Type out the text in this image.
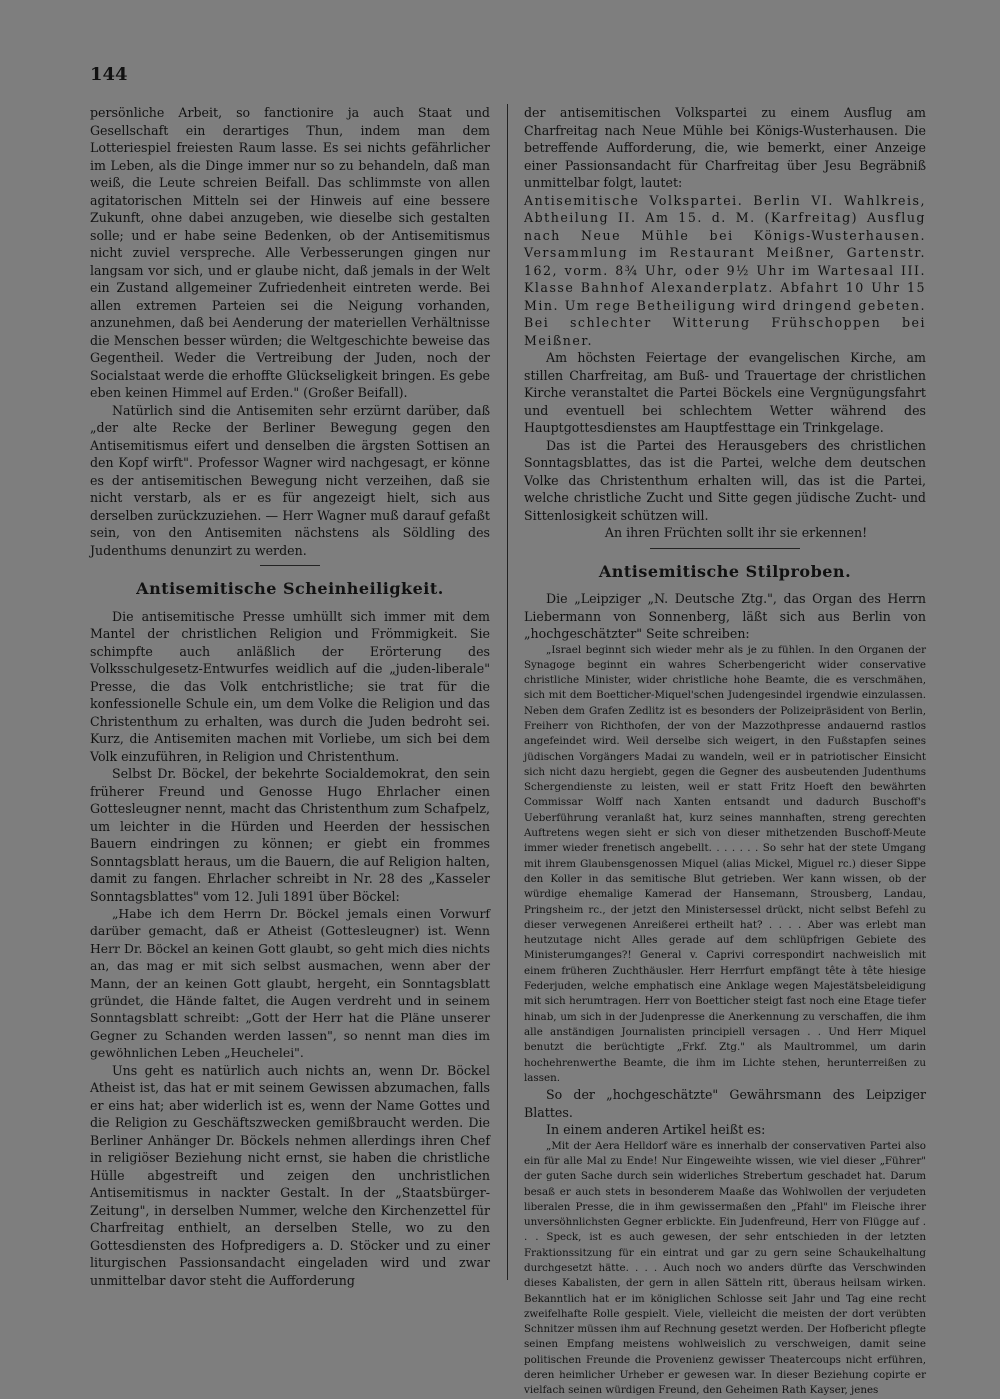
144

persönliche Arbeit, so fanctionire ja auch Staat und Gesellschaft ein derartiges Thun, indem man dem Lotteriespiel freiesten Raum lasse. Es sei nichts gefährlicher im Leben, als die Dinge immer nur so zu behandeln, daß man weiß, die Leute schreien Beifall. Das schlimmste von allen agitatorischen Mitteln sei der Hinweis auf eine bessere Zukunft, ohne dabei anzugeben, wie dieselbe sich gestalten solle; und er habe seine Bedenken, ob der Antisemitismus nicht zuviel verspreche. Alle Verbesserungen gingen nur langsam vor sich, und er glaube nicht, daß jemals in der Welt ein Zustand allgemeiner Zufriedenheit eintreten werde. Bei allen extremen Parteien sei die Neigung vorhanden, anzunehmen, daß bei Aenderung der materiellen Verhältnisse die Menschen besser würden; die Weltgeschichte beweise das Gegentheil. Weder die Vertreibung der Juden, noch der Socialstaat werde die erhoffte Glückseligkeit bringen. Es gebe eben keinen Himmel auf Erden." (Großer Beifall).

Natürlich sind die Antisemiten sehr erzürnt darüber, daß „der alte Recke der Berliner Bewegung gegen den Antisemitismus eifert und denselben die ärgsten Sottisen an den Kopf wirft". Professor Wagner wird nachgesagt, er könne es der antisemitischen Bewegung nicht verzeihen, daß sie nicht verstarb, als er es für angezeigt hielt, sich aus derselben zurückzuziehen. — Herr Wagner muß darauf gefaßt sein, von den Antisemiten nächstens als Söldling des Judenthums denunzirt zu werden.

Antisemitische Scheinheiligkeit.

Die antisemitische Presse umhüllt sich immer mit dem Mantel der christlichen Religion und Frömmigkeit. Sie schimpfte auch anläßlich der Erörterung des Volksschulgesetz-Entwurfes weidlich auf die „juden-liberale" Presse, die das Volk entchristliche; sie trat für die konfessionelle Schule ein, um dem Volke die Religion und das Christenthum zu erhalten, was durch die Juden bedroht sei. Kurz, die Antisemiten machen mit Vorliebe, um sich bei dem Volk einzuführen, in Religion und Christenthum.

Selbst Dr. Böckel, der bekehrte Socialdemokrat, den sein früherer Freund und Genosse Hugo Ehrlacher einen Gottesleugner nennt, macht das Christenthum zum Schafpelz, um leichter in die Hürden und Heerden der hessischen Bauern eindringen zu können; er giebt ein frommes Sonntagsblatt heraus, um die Bauern, die auf Religion halten, damit zu fangen. Ehrlacher schreibt in Nr. 28 des „Kasseler Sonntagsblattes" vom 12. Juli 1891 über Böckel:

„Habe ich dem Herrn Dr. Böckel jemals einen Vorwurf darüber gemacht, daß er Atheist (Gottesleugner) ist. Wenn Herr Dr. Böckel an keinen Gott glaubt, so geht mich dies nichts an, das mag er mit sich selbst ausmachen, wenn aber der Mann, der an keinen Gott glaubt, hergeht, ein Sonntagsblatt gründet, die Hände faltet, die Augen verdreht und in seinem Sonntagsblatt schreibt: „Gott der Herr hat die Pläne unserer Gegner zu Schanden werden lassen", so nennt man dies im gewöhnlichen Leben „Heuchelei".

Uns geht es natürlich auch nichts an, wenn Dr. Böckel Atheist ist, das hat er mit seinem Gewissen abzumachen, falls er eins hat; aber widerlich ist es, wenn der Name Gottes und die Religion zu Geschäftszwecken gemißbraucht werden. Die Berliner Anhänger Dr. Böckels nehmen allerdings ihren Chef in religiöser Beziehung nicht ernst, sie haben die christliche Hülle abgestreift und zeigen den unchristlichen Antisemitismus in nackter Gestalt. In der „Staatsbürger-Zeitung", in derselben Nummer, welche den Kirchenzettel für Charfreitag enthielt, an derselben Stelle, wo zu den Gottesdiensten des Hofpredigers a. D. Stöcker und zu einer liturgischen Passionsandacht eingeladen wird und zwar unmittelbar davor steht die Aufforderung

der antisemitischen Volkspartei zu einem Ausflug am Charfreitag nach Neue Mühle bei Königs-Wusterhausen. Die betreffende Aufforderung, die, wie bemerkt, einer Anzeige einer Passionsandacht für Charfreitag über Jesu Begräbniß unmittelbar folgt, lautet:

Antisemitische Volkspartei. Berlin VI. Wahlkreis, Abtheilung II. Am 15. d. M. (Karfreitag) Ausflug nach Neue Mühle bei Königs-Wusterhausen. Versammlung im Restaurant Meißner, Gartenstr. 162, vorm. 8¾ Uhr, oder 9½ Uhr im Wartesaal III. Klasse Bahnhof Alexanderplatz. Abfahrt 10 Uhr 15 Min. Um rege Betheiligung wird dringend gebeten. Bei schlechter Witterung Frühschoppen bei Meißner.

Am höchsten Feiertage der evangelischen Kirche, am stillen Charfreitag, am Buß- und Trauertage der christlichen Kirche veranstaltet die Partei Böckels eine Vergnügungsfahrt und eventuell bei schlechtem Wetter während des Hauptgottesdienstes am Hauptfesttage ein Trinkgelage.

Das ist die Partei des Herausgebers des christlichen Sonntagsblattes, das ist die Partei, welche dem deutschen Volke das Christenthum erhalten will, das ist die Partei, welche christliche Zucht und Sitte gegen jüdische Zucht- und Sittenlosigkeit schützen will.

An ihren Früchten sollt ihr sie erkennen!

Antisemitische Stilproben.

Die „Leipziger „N. Deutsche Ztg.", das Organ des Herrn Liebermann von Sonnenberg, läßt sich aus Berlin von „hochgeschätzter" Seite schreiben:

„Israel beginnt sich wieder mehr als je zu fühlen. In den Organen der Synagoge beginnt ein wahres Scherbengericht wider conservative christliche Minister, wider christliche hohe Beamte, die es verschmähen, sich mit dem Boetticher-Miquel'schen Judengesindel irgendwie einzulassen. Neben dem Grafen Zedlitz ist es besonders der Polizeipräsident von Berlin, Freiherr von Richthofen, der von der Mazzothpresse andauernd rastlos angefeindet wird. Weil derselbe sich weigert, in den Fußstapfen seines jüdischen Vorgängers Madai zu wandeln, weil er in patriotischer Einsicht sich nicht dazu hergiebt, gegen die Gegner des ausbeutenden Judenthums Schergendienste zu leisten, weil er statt Fritz Hoeft den bewährten Commissar Wolff nach Xanten entsandt und dadurch Buschoff's Ueberführung veranlaßt hat, kurz seines mannhaften, streng gerechten Auftretens wegen sieht er sich von dieser mithetzenden Buschoff-Meute immer wieder frenetisch angebellt. . . . . . . So sehr hat der stete Umgang mit ihrem Glaubensgenossen Miquel (alias Mickel, Miguel rc.) dieser Sippe den Koller in das semitische Blut getrieben. Wer kann wissen, ob der würdige ehemalige Kamerad der Hansemann, Strousberg, Landau, Pringsheim rc., der jetzt den Ministersessel drückt, nicht selbst Befehl zu dieser verwegenen Anreißerei ertheilt hat? . . . . Aber was erlebt man heutzutage nicht Alles gerade auf dem schlüpfrigen Gebiete des Ministerumganges?! General v. Caprivi correspondirt nachweislich mit einem früheren Zuchthäusler. Herr Herrfurt empfängt tête à tête hiesige Federjuden, welche emphatisch eine Anklage wegen Majestätsbeleidigung mit sich herumtragen. Herr von Boetticher steigt fast noch eine Etage tiefer hinab, um sich in der Judenpresse die Anerkennung zu verschaffen, die ihm alle anständigen Journalisten principiell versagen . . Und Herr Miquel benutzt die berüchtigte „Frkf. Ztg." als Maultrommel, um darin hochehrenwerthe Beamte, die ihm im Lichte stehen, herunterreißen zu lassen.

So der „hochgeschätzte" Gewährsmann des Leipziger Blattes.

In einem anderen Artikel heißt es:

„Mit der Aera Helldorf wäre es innerhalb der conservativen Partei also ein für alle Mal zu Ende! Nur Eingeweihte wissen, wie viel dieser „Führer" der guten Sache durch sein widerliches Strebertum geschadet hat. Darum besaß er auch stets in besonderem Maaße das Wohlwollen der verjudeten liberalen Presse, die in ihm gewissermaßen den „Pfahl" im Fleische ihrer unversöhnlichsten Gegner erblickte. Ein Judenfreund, Herr von Flügge auf . . . Speck, ist es auch gewesen, der sehr entschieden in der letzten Fraktionssitzung für ein eintrat und gar zu gern seine Schaukelhaltung durchgesetzt hätte. . . . Auch noch wo anders dürfte das Verschwinden dieses Kabalisten, der gern in allen Sätteln ritt, überaus heilsam wirken. Bekanntlich hat er im königlichen Schlosse seit Jahr und Tag eine recht zweifelhafte Rolle gespielt. Viele, vielleicht die meisten der dort verübten Schnitzer müssen ihm auf Rechnung gesetzt werden. Der Hofbericht pflegte seinen Empfang meistens wohlweislich zu verschweigen, damit seine politischen Freunde die Provenienz gewisser Theatercoups nicht erführen, deren heimlicher Urheber er gewesen war. In dieser Beziehung copirte er vielfach seinen würdigen Freund, den Geheimen Rath Kayser, jenes
